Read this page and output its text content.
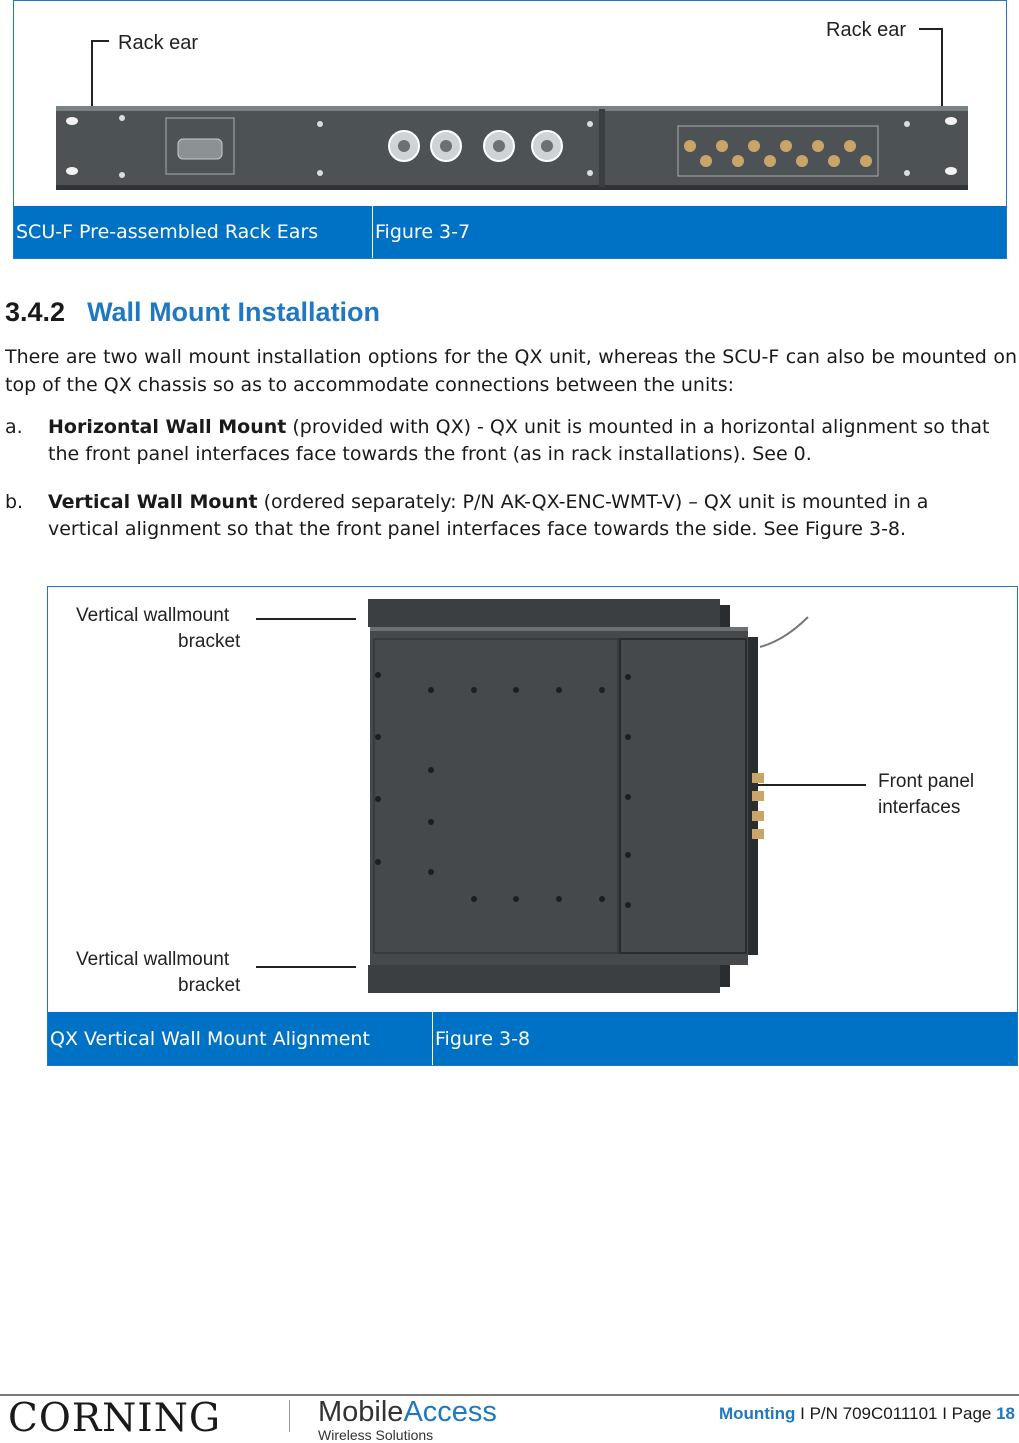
Rack ear
Rack ear
SCU-F Pre-assembled Rack Ears	Figure 3-7
3.4.2 Wall Mount Installation
There are two wall mount installation options for the QX unit, whereas the SCU-F can also be mounted on top of the QX chassis so as to accommodate connections between the units:
a. Horizontal Wall Mount (provided with QX) - QX unit is mounted in a horizontal alignment so that the front panel interfaces face towards the front (as in rack installations). See 0.
b. Vertical Wall Mount (ordered separately: P/N AK-QX-ENC-WMT-V) – QX unit is mounted in a vertical alignment so that the front panel interfaces face towards the side. See Figure 3-8.
Vertical wallmount
bracket
Vertical wallmount
bracket
Front panel
interfaces
QX Vertical Wall Mount Alignment	Figure 3-8
CORNING	MobileAccess
Wireless Solutions
Mounting I P/N 709C011101 I Page 18
